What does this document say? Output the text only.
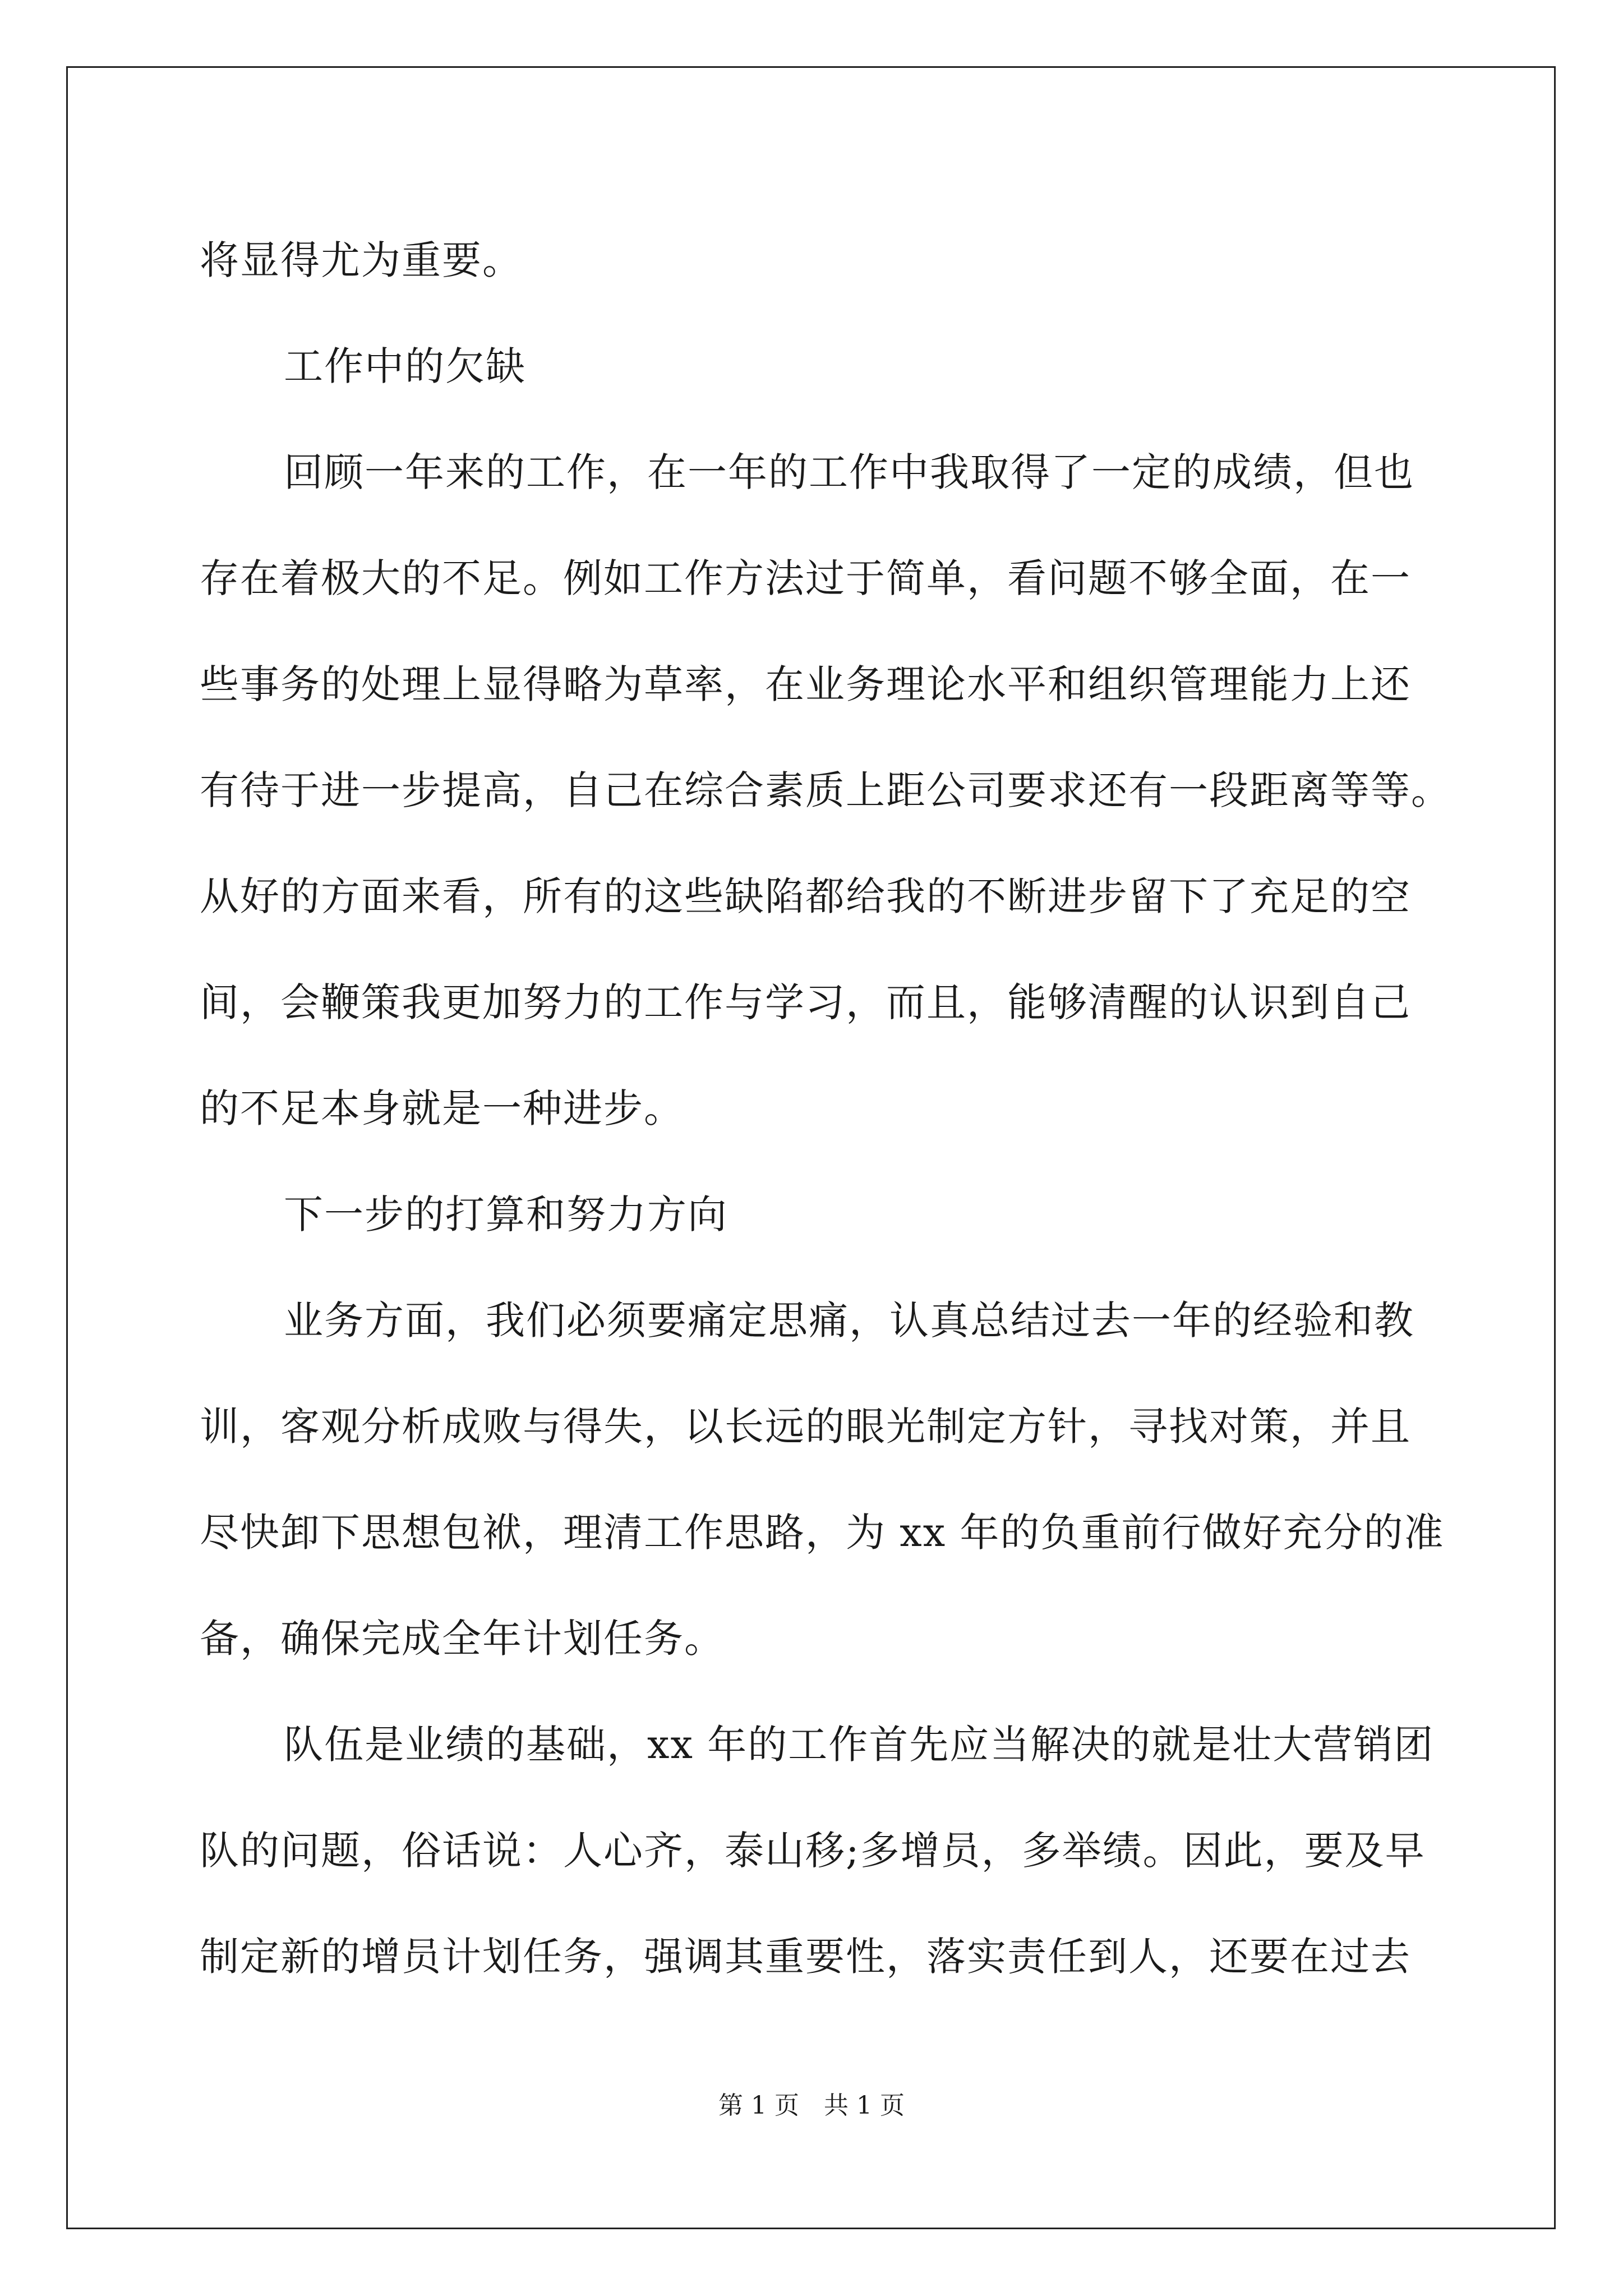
将显得尤为重要。
工作中的欠缺
回顾一年来的工作，在一年的工作中我取得了一定的成绩，但也
存在着极大的不足。例如工作方法过于简单，看问题不够全面，在一
些事务的处理上显得略为草率，在业务理论水平和组织管理能力上还
有待于进一步提高，自己在综合素质上距公司要求还有一段距离等等。
从好的方面来看，所有的这些缺陷都给我的不断进步留下了充足的空
间，会鞭策我更加努力的工作与学习，而且，能够清醒的认识到自己
的不足本身就是一种进步。
下一步的打算和努力方向
业务方面，我们必须要痛定思痛，认真总结过去一年的经验和教
训，客观分析成败与得失，以长远的眼光制定方针，寻找对策，并且
尽快卸下思想包袱，理清工作思路，为 xx 年的负重前行做好充分的准
备，确保完成全年计划任务。
队伍是业绩的基础，xx 年的工作首先应当解决的就是壮大营销团
队的问题，俗话说：人心齐，泰山移;多增员，多举绩。因此，要及早
制定新的增员计划任务，强调其重要性，落实责任到人，还要在过去
第 1 页 共 1 页
